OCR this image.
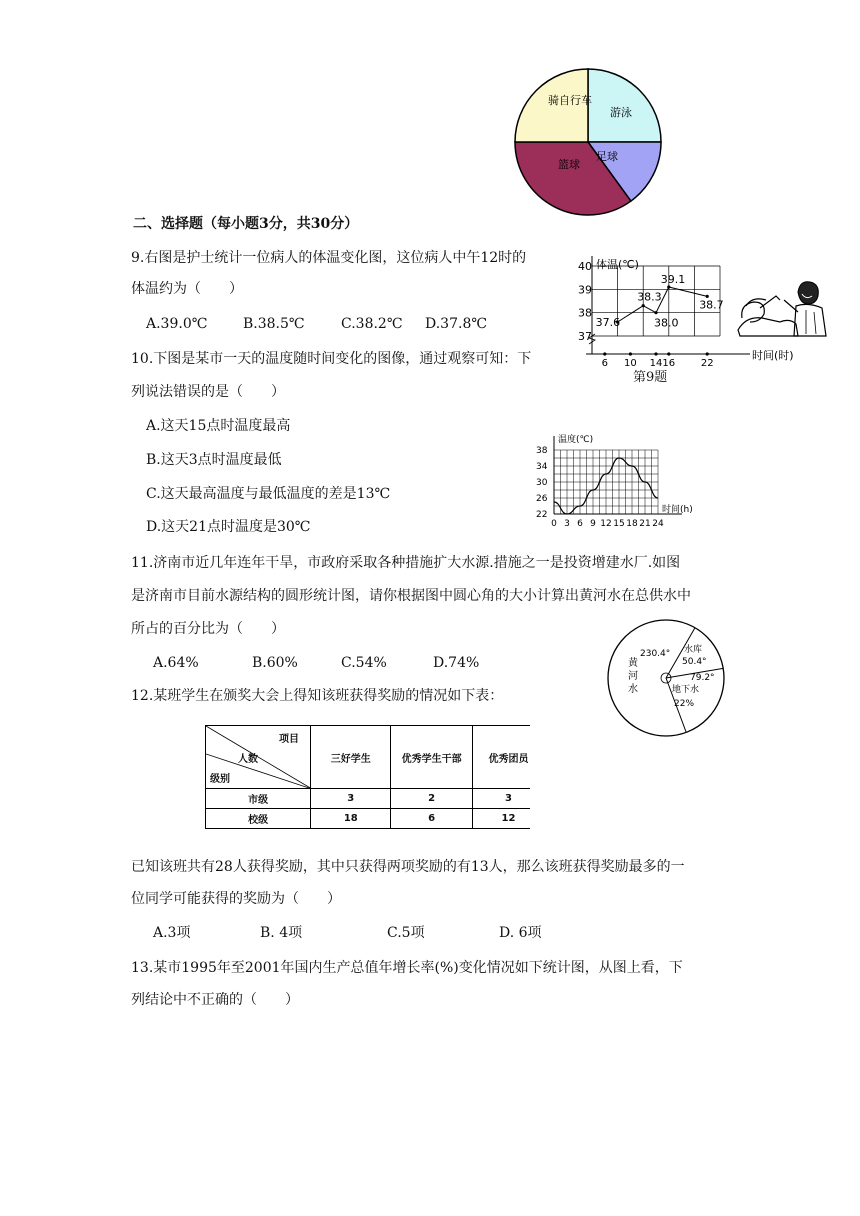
骑自行车
游泳
足球
篮球
二、选择题（每小题3分，共30分）
9.右图是护士统计一位病人的体温变化图，这位病人中午12时的
体温约为（　　）
A.39.0℃	B.38.5℃	C.38.2℃ D.37.8℃
37
38
39
40 体温(℃)
6 10 14 16	22
时间(时)
37.6
38.3
38.0
39.1
38.7
第9题
10.下图是某市一天的温度随时间变化的图像，通过观察可知：下
列说法错误的是（　　）
A.这天15点时温度最高
B.这天3点时温度最低
C.这天最高温度与最低温度的差是13℃
D.这天21点时温度是30℃
温度(℃)
22
26
30
34
38
0 3 6 9 12 15 18 21 24
时间(h)
11.济南市近几年连年干旱，市政府采取各种措施扩大水源.措施之一是投资增建水厂.如图
是济南市目前水源结构的圆形统计图，请你根据图中圆心角的大小计算出黄河水在总供水中
所占的百分比为（　　）
A.64%	B.60%	C.54%	D.74%
230.4° 水库
50.4°
79.2°
地下水
22%
黄
河
水
12.某班学生在颁奖大会上得知该班获得奖励的情况如下表：
项目
人数
级别	三好学生	优秀学生干部	优秀团员
市级	3	2	3
校级	18	6	12
已知该班共有28人获得奖励，其中只获得两项奖励的有13人，那么该班获得奖励最多的一
位同学可能获得的奖励为（　　）
A.3项	B. 4项	C.5项	D. 6项
13.某市1995年至2001年国内生产总值年增长率(%)变化情况如下统计图，从图上看，下
列结论中不正确的（　　）
